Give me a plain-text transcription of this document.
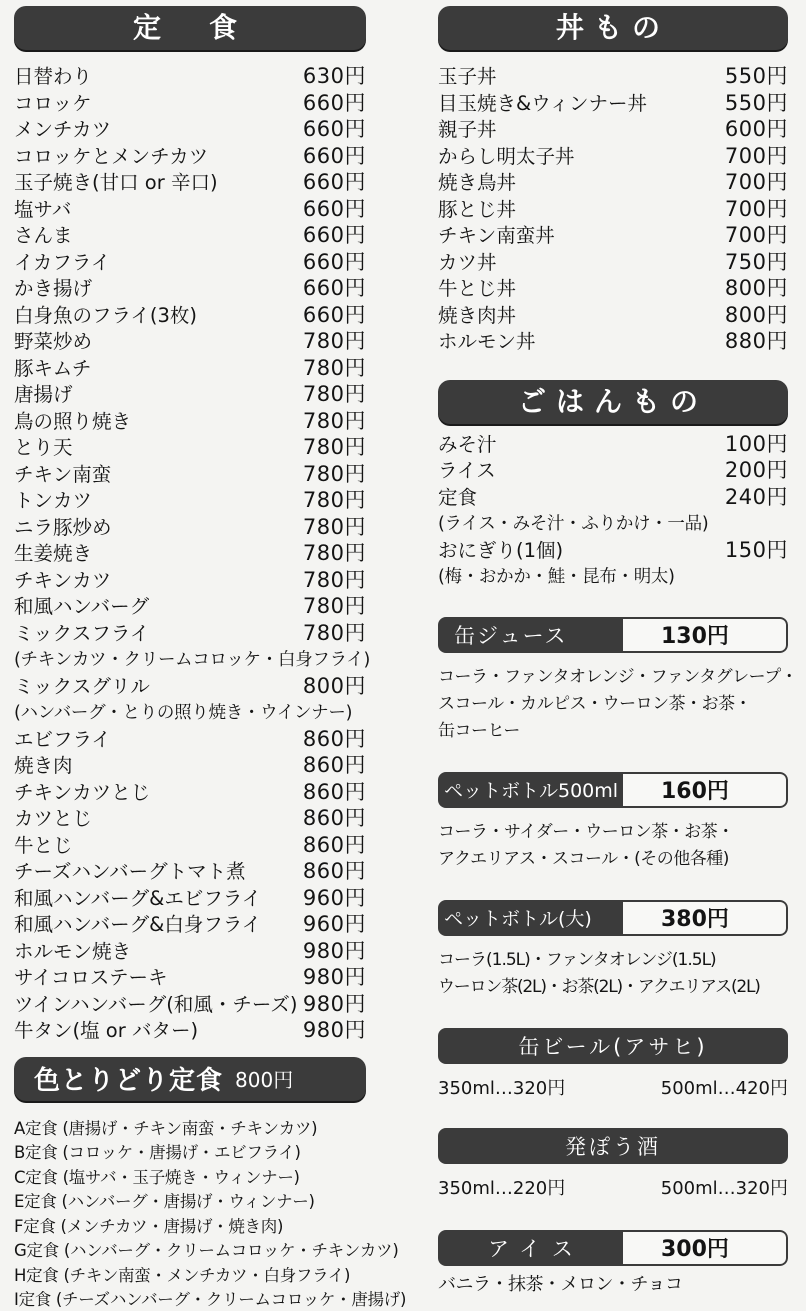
定　食
日替わり	630円
コロッケ	660円
メンチカツ	660円
コロッケとメンチカツ	660円
玉子焼き(甘口 or 辛口)	660円
塩サバ	660円
さんま	660円
イカフライ	660円
かき揚げ	660円
白身魚のフライ(3枚)	660円
野菜炒め	780円
豚キムチ	780円
唐揚げ	780円
鳥の照り焼き	780円
とり天	780円
チキン南蛮	780円
トンカツ	780円
ニラ豚炒め	780円
生姜焼き	780円
チキンカツ	780円
和風ハンバーグ	780円
ミックスフライ	780円
(チキンカツ・クリームコロッケ・白身フライ)
ミックスグリル	800円
(ハンバーグ・とりの照り焼き・ウインナー)
エビフライ	860円
焼き肉	860円
チキンカツとじ	860円
カツとじ	860円
牛とじ	860円
チーズハンバーグトマト煮	860円
和風ハンバーグ&エビフライ 960円
和風ハンバーグ&白身フライ 960円
ホルモン焼き	980円
サイコロステーキ	980円
ツインハンバーグ(和風・チーズ) 980円
牛タン(塩 or バター)	980円
色とりどり定食 800円
A定食 (唐揚げ・チキン南蛮・チキンカツ)
B定食 (コロッケ・唐揚げ・エビフライ)
C定食 (塩サバ・玉子焼き・ウィンナー)
E定食 (ハンバーグ・唐揚げ・ウィンナー)
F定食 (メンチカツ・唐揚げ・焼き肉)
G定食 (ハンバーグ・クリームコロッケ・チキンカツ)
H定食 (チキン南蛮・メンチカツ・白身フライ)
I定食 (チーズハンバーグ・クリームコロッケ・唐揚げ)
丼もの
玉子丼	550円
目玉焼き&ウィンナー丼	550円
親子丼	600円
からし明太子丼	700円
焼き鳥丼	700円
豚とじ丼	700円
チキン南蛮丼	700円
カツ丼	750円
牛とじ丼	800円
焼き肉丼	800円
ホルモン丼	880円
ごはんもの
みそ汁	100円
ライス	200円
定食	240円
(ライス・みそ汁・ふりかけ・一品)
おにぎり(1個)	150円
(梅・おかか・鮭・昆布・明太)
缶ジュース	130円
コーラ・ファンタオレンジ・ファンタグレープ・
スコール・カルピス・ウーロン茶・お茶・
缶コーヒー
ペットボトル500ml	160円
コーラ・サイダー・ウーロン茶・お茶・
アクエリアス・スコール・(その他各種)
ペットボトル(大)	380円
コーラ(1.5L)・ファンタオレンジ(1.5L)
ウーロン茶(2L)・お茶(2L)・アクエリアス(2L)
缶ビール(アサヒ)
350ml…320円	500ml…420円
発ぽう酒
350ml…220円	500ml…320円
アイス	300円
バニラ・抹茶・メロン・チョコ
